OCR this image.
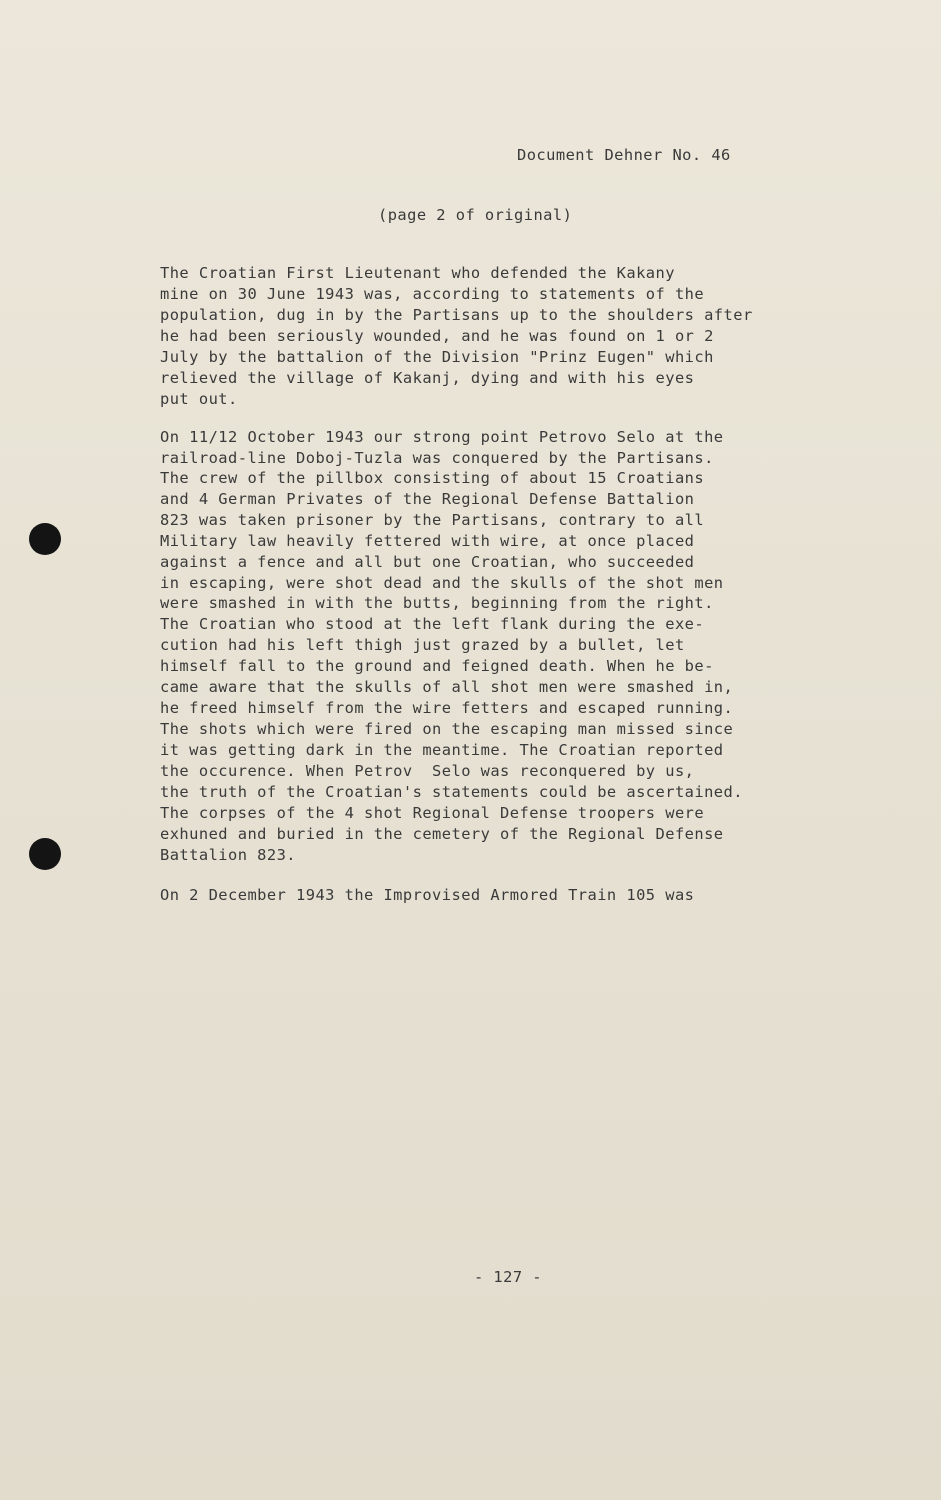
Document Dehner No. 46
(page 2 of original)
The Croatian First Lieutenant who defended the Kakany
mine on 30 June 1943 was, according to statements of the
population, dug in by the Partisans up to the shoulders after
he had been seriously wounded, and he was found on 1 or 2
July by the battalion of the Division "Prinz Eugen" which
relieved the village of Kakanj, dying and with his eyes
put out.
On 11/12 October 1943 our strong point Petrovo Selo at the
railroad-line Doboj-Tuzla was conquered by the Partisans.
The crew of the pillbox consisting of about 15 Croatians
and 4 German Privates of the Regional Defense Battalion
823 was taken prisoner by the Partisans, contrary to all
Military law heavily fettered with wire, at once placed
against a fence and all but one Croatian, who succeeded
in escaping, were shot dead and the skulls of the shot men
were smashed in with the butts, beginning from the right.
The Croatian who stood at the left flank during the exe-
cution had his left thigh just grazed by a bullet, let
himself fall to the ground and feigned death. When he be-
came aware that the skulls of all shot men were smashed in,
he freed himself from the wire fetters and escaped running.
The shots which were fired on the escaping man missed since
it was getting dark in the meantime. The Croatian reported
the occurence. When Petrov  Selo was reconquered by us,
the truth of the Croatian's statements could be ascertained.
The corpses of the 4 shot Regional Defense troopers were
exhuned and buried in the cemetery of the Regional Defense
Battalion 823.
On 2 December 1943 the Improvised Armored Train 105 was
- 127 -
